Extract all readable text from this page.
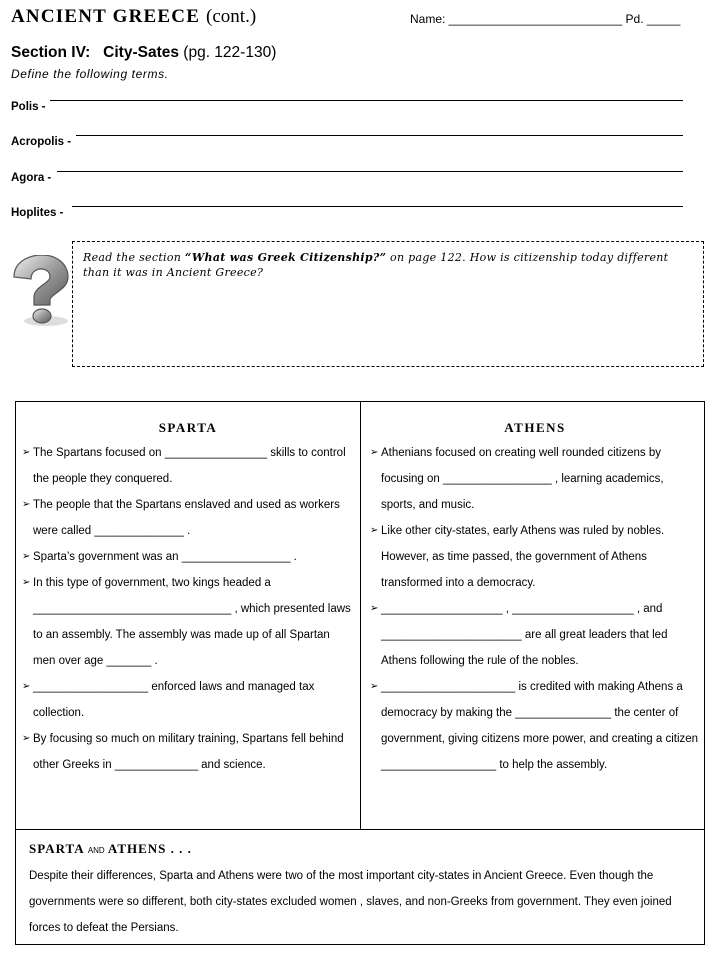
ANCIENT GREECE (cont.)	Name: __________________________ Pd. _____
Section IV: City-Sates (pg. 122-130)
Define the following terms.
Polis -
Acropolis -
Agora -
Hoplites -
Read the section “What was Greek Citizenship?” on page 122. How is citizenship today different than it was in Ancient Greece?
sparta
➢ The Spartans focused on ________________ skills to control the people they conquered.
➢ The people that the Spartans enslaved and used as workers were called ______________ .
➢ Sparta’s government was an _________________ .
➢ In this type of government, two kings headed a _______________________________ , which presented laws to an assembly. The assembly was made up of all Spartan men over age _______ .
➢ __________________ enforced laws and managed tax collection.
➢ By focusing so much on military training, Spartans fell behind other Greeks in _____________ and science.
athens
➢ Athenians focused on creating well rounded citizens by focusing on _________________ , learning academics, sports, and music.
➢ Like other city-states, early Athens was ruled by nobles. However, as time passed, the government of Athens transformed into a democracy.
➢ ___________________ , ___________________ , and ______________________ are all great leaders that led Athens following the rule of the nobles.
➢ _____________________ is credited with making Athens a democracy by making the _______________ the center of government, giving citizens more power, and creating a citizen __________________ to help the assembly.
SPARTA and ATHENS . . .
Despite their differences, Sparta and Athens were two of the most important city-states in Ancient Greece. Even though the governments were so different, both city-states excluded women , slaves, and non-Greeks from government. They even joined forces to defeat the Persians.
